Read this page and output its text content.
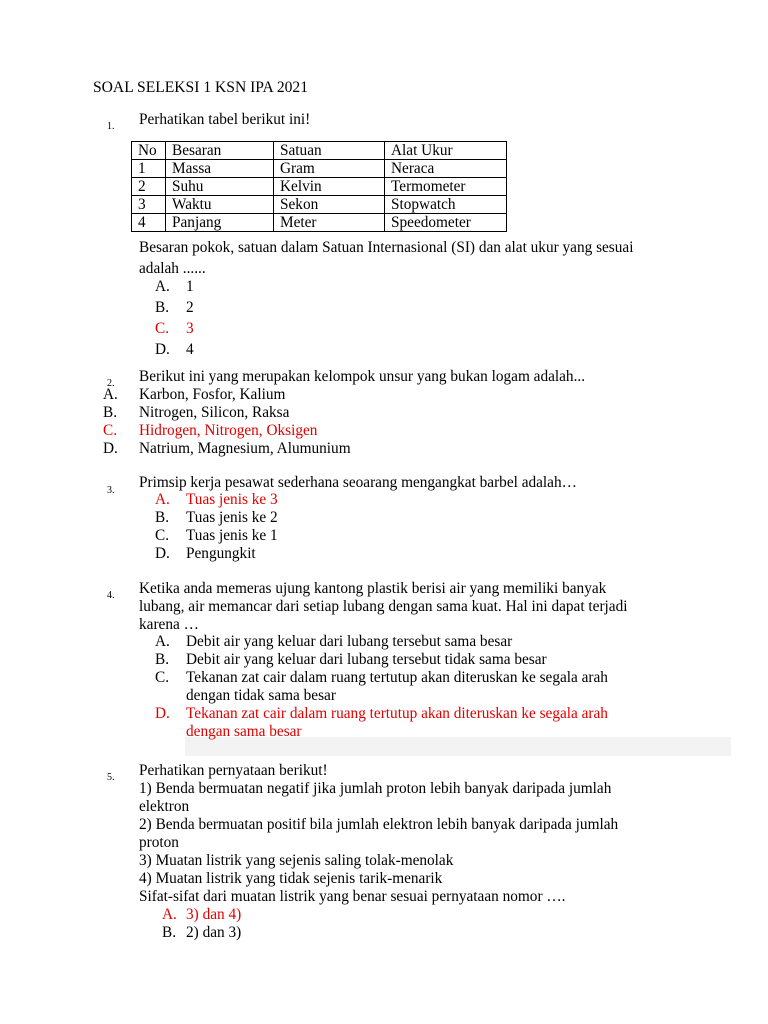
SOAL SELEKSI 1 KSN IPA 2021
1. Perhatikan tabel berikut ini!
No	Besaran	Satuan	Alat Ukur
1	Massa	Gram	Neraca
2	Suhu	Kelvin	Termometer
3	Waktu	Sekon	Stopwatch
4	Panjang	Meter	Speedometer
Besaran pokok, satuan dalam Satuan Internasional (SI) dan alat ukur yang sesuai
adalah ......
A.	1
B.	2
C.	3
D.	4
2. Berikut ini yang merupakan kelompok unsur yang bukan logam adalah...
A.	Karbon, Fosfor, Kalium
B.	Nitrogen, Silicon, Raksa
C.	Hidrogen, Nitrogen, Oksigen
D.	Natrium, Magnesium, Alumunium
3. Primsip kerja pesawat sederhana seoarang mengangkat barbel adalah…
A.	Tuas jenis ke 3
B.	Tuas jenis ke 2
C.	Tuas jenis ke 1
D.	Pengungkit
4. Ketika anda memeras ujung kantong plastik berisi air yang memiliki banyak
lubang, air memancar dari setiap lubang dengan sama kuat. Hal ini dapat terjadi
karena …
A.	Debit air yang keluar dari lubang tersebut sama besar
B.	Debit air yang keluar dari lubang tersebut tidak sama besar
C.	Tekanan zat cair dalam ruang tertutup akan diteruskan ke segala arah
dengan tidak sama besar
D.	Tekanan zat cair dalam ruang tertutup akan diteruskan ke segala arah
dengan sama besar
5. Perhatikan pernyataan berikut!
1) Benda bermuatan negatif jika jumlah proton lebih banyak daripada jumlah
elektron
2) Benda bermuatan positif bila jumlah elektron lebih banyak daripada jumlah
proton
3) Muatan listrik yang sejenis saling tolak-menolak
4) Muatan listrik yang tidak sejenis tarik-menarik
Sifat-sifat dari muatan listrik yang benar sesuai pernyataan nomor ….
A. 3) dan 4)
B. 2) dan 3)
